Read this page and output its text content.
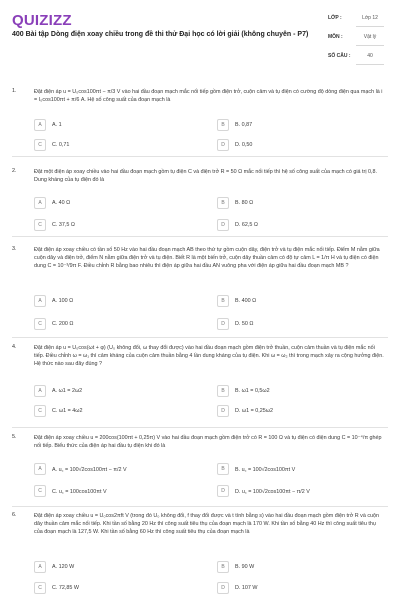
QUIZIZZ
400 Bài tập Dòng điện xoay chiều trong đề thi thử Đại học có lời giải (không chuyên - P7)
LỚP :	Lớp 12
MÔN :	Vật lý
SỐ CÂU :	40
1.	Đặt điện áp u = U₀cos100πt − π/3 V vào hai đầu đoạn mạch mắc nối tiếp gồm điện trở, cuộn cảm và tụ điện có cường độ dòng điện qua mạch là i = I₀cos100πt + π/6 A. Hệ số công suất của đoạn mạch là
A	A. 1	B	B. 0,87
C	C. 0,71	D	D. 0,50
2.	Đặt một điện áp xoay chiều vào hai đầu đoạn mạch gồm tụ điện C và điện trở R = 50 Ω mắc nối tiếp thì hệ số công suất của mạch có giá trị 0,8. Dung kháng của tụ điện đó là
A	A. 40 Ω	B	B. 80 Ω
C	C. 37,5 Ω	D	D. 62,5 Ω
3.	Đặt điện áp xoay chiều có tần số 50 Hz vào hai đầu đoạn mạch AB theo thứ tự gồm cuộn dây, điện trở và tụ điện mắc nối tiếp. Điểm M nằm giữa cuộn dây và điện trở, điểm N nằm giữa điện trở và tụ điện. Biết R là một biến trở, cuộn dây thuần cảm có độ tự cảm L = 1/π H và tụ điện có điện dung C = 10⁻³/9π F. Điều chỉnh R bằng bao nhiêu thì điện áp giữa hai đầu AN vuông pha với điện áp giữa hai đầu đoạn mạch MB ?
A	A. 100 Ω	B	B. 400 Ω
C	C. 200 Ω	D	D. 50 Ω
4.	Đặt điện áp u = U₀cos(ωt + φ) (U₀ không đổi, ω thay đổi được) vào hai đầu đoạn mạch gồm điện trở thuần, cuộn cảm thuần và tụ điện mắc nối tiếp. Điều chỉnh ω = ω₁ thì cảm kháng của cuộn cảm thuần bằng 4 lần dung kháng của tụ điện. Khi ω = ω₂ thì trong mạch xảy ra cộng hưởng điện. Hệ thức nào sau đây đúng ?
A	A. ω1 = 2ω2	B	B. ω1 = 0,5ω2
C	C. ω1 = 4ω2	D	D. ω1 = 0,25ω2
5.	Đặt điện áp xoay chiều u = 200cos(100πt + 0,25π) V vào hai đầu đoạn mạch gồm điện trở có R = 100 Ω và tụ điện có điện dung C = 10⁻⁴/π ghép nối tiếp. Biểu thức của điện áp hai đầu tụ điện khi đó là
A	A. u꜀ = 100√2cos100πt − π/2 V	B	B. u꜀ = 100√2cos100πt V
C	C. u꜀ = 100cos100πt V	D	D. u꜀ = 100√2cos100πt − π/2 V
6.	Đặt điện áp xoay chiều u = U₀cos2πft V (trong đó U₀ không đổi, f thay đổi được và t tính bằng s) vào hai đầu đoạn mạch gồm điện trở R và cuộn dây thuần cảm mắc nối tiếp. Khi tần số bằng 20 Hz thì công suất tiêu thụ của đoạn mạch là 170 W. Khi tần số bằng 40 Hz thì công suất tiêu thụ của đoạn mạch là 127,5 W. Khi tần số bằng 60 Hz thì công suất tiêu thụ của đoạn mạch là
A	A. 120 W	B	B. 90 W
C	C. 72,85 W	D	D. 107 W
